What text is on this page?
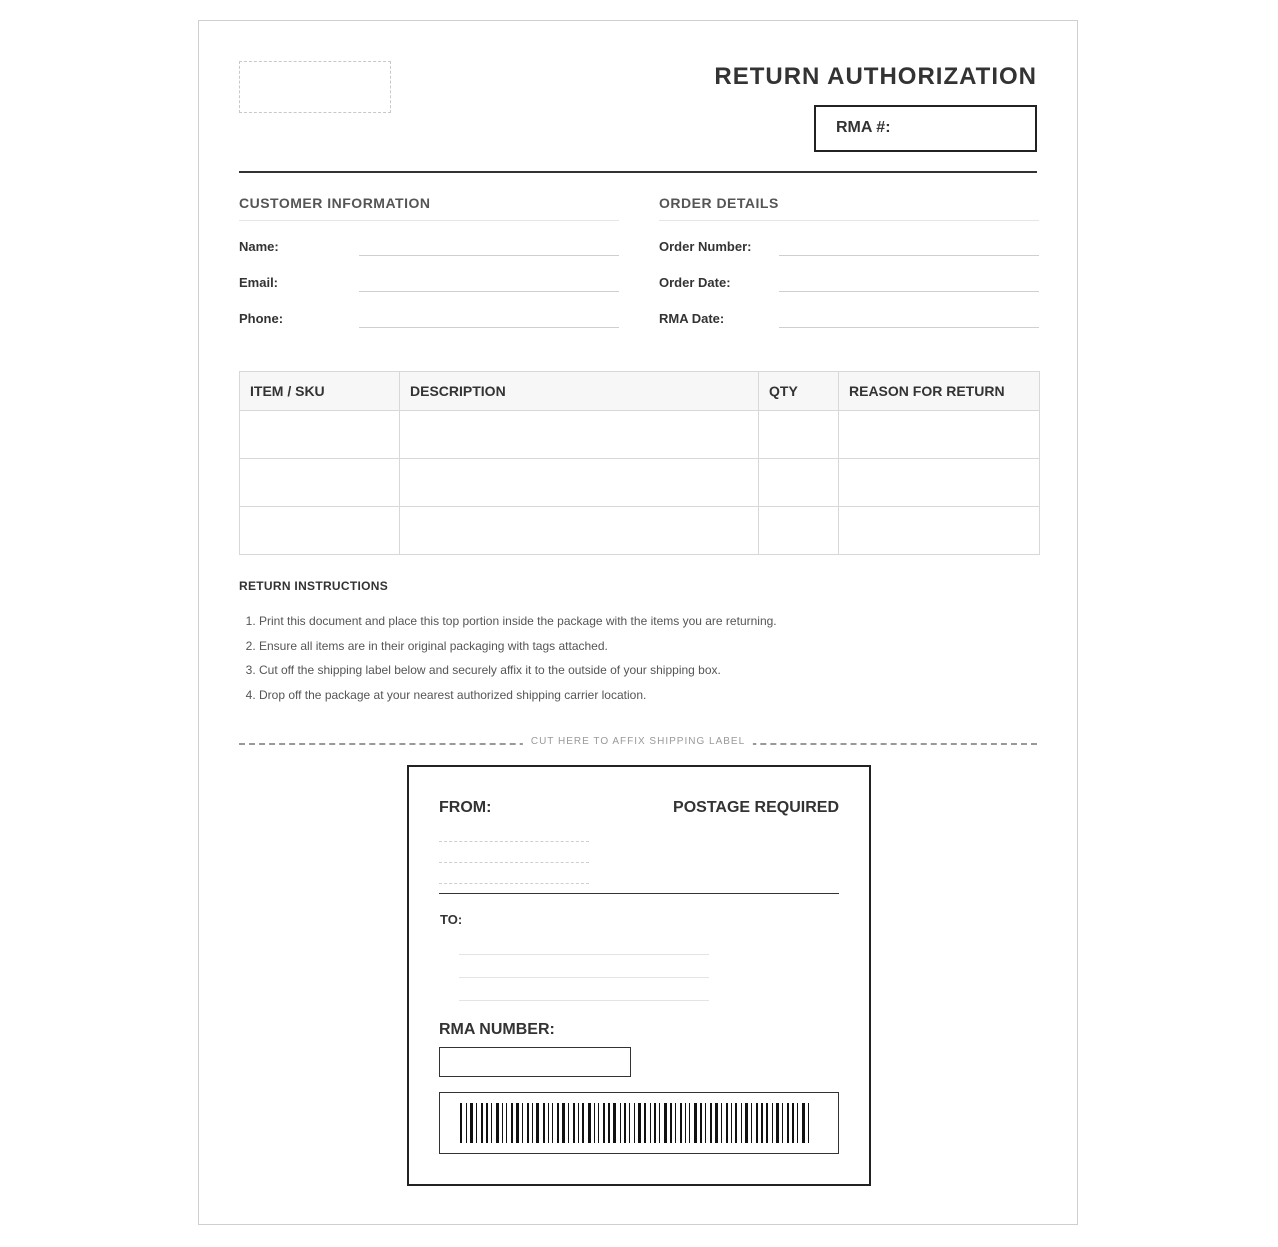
RETURN AUTHORIZATION
RMA #:
CUSTOMER INFORMATION
Name:
Email:
Phone:
ORDER DETAILS
Order Number:
Order Date:
RMA Date:
ITEM / SKU	DESCRIPTION	QTY	REASON FOR RETURN

RETURN INSTRUCTIONS
1. Print this document and place this top portion inside the package with the items you are returning.
2. Ensure all items are in their original packaging with tags attached.
3. Cut off the shipping label below and securely affix it to the outside of your shipping box.
4. Drop off the package at your nearest authorized shipping carrier location.
CUT HERE TO AFFIX SHIPPING LABEL
FROM:	POSTAGE REQUIRED
TO:
RMA NUMBER:
